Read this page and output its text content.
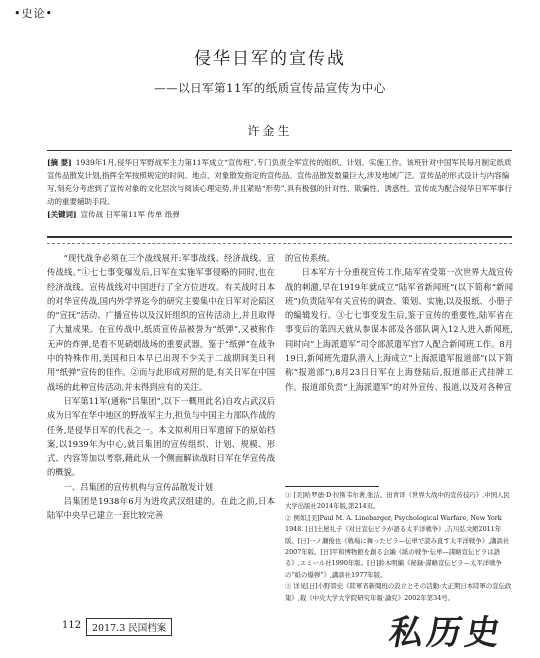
•史论•
侵华日军的宣传战
——以日军第11军的纸质宣传品宣传为中心
许金生

[摘 要] 1939年1月,侵华日军野战军主力第11军成立“宣传班”,专门负责全军宣传的组织、计划、实施工作。该班针对中国军民每月制定纸质宣传品散发计划,指挥全军按照规定的时间、地点、对象散发指定的宣传品。宣传品散发数量巨大,涉及地域广泛。宣传品的形式设计与内容编写,刻充分考虑到了宣传对象的文化层次与阅读心理定势,并且紧贴“形势”,具有极强的针对性、欺骗性、诱惑性。宣传成为配合侵华日军军事行动的重要辅助手段。

[关键词] 宣传战 日军第11军 传单 纸弹

“现代战争必须在三个战线展开:军事战线、经济战线、宣传战线。”①七七事变爆发后,日军在实施军事侵略的同时,也在经济战线、宣传战线对中国进行了全方位进攻。有关战时日本的对华宣传战,国内外学界迄今的研究主要集中在日军对沦陷区的“宣抚”活动、广播宣传以及汉奸组织的宣传活动上,并且取得了大量成果。在宣传战中,纸质宣传品被誉为“纸弹”,又被称作无声的炸弹,是看不见硝烟战场的重要武器。鉴于“纸弹”在战争中的特殊作用,美国和日本早已出现不少关于二战期间美日利用“纸弹”宣传的佳作。②而与此形成对照的是,有关日军在中国战场的此种宣传活动,并未得到应有的关注。

日军第11军(通称“吕集团”,以下一概用此名)自攻占武汉后成为日军在华中地区的野战军主力,担负与中国主力部队作战的任务,是侵华日军的代表之一。本文拟利用日军遗留下的原始档案,以1939年为中心,就吕集团的宣传组织、计划、规模、形式、内容等加以考察,藉此从一个侧面解读战时日军在华宣传战的概貌。

一、吕集团的宣传机构与宣传品散发计划

吕集团是1938年6月为进攻武汉组建的。在此之前,日本陆军中央早已建立一套比较完善

的宣传系统。

日本军方十分重视宣传工作,陆军省受第一次世界大战宣传战的刺激,早在1919年就成立“陆军省新闻班”(以下简称“新闻班”)负责陆军有关宣传的调查、策划、实施,以及报纸、小册子的编辑发行。③七七事变发生后,鉴于宣传的重要性,陆军省在事变后的第四天就从参谋本部及各部队调入12人进入新闻班,同时向“上海派遣军”司令部派遣军官7人配合新闻班工作。8月19日,新闻班先遣队潜入上海成立“上海派遣军报道部”(以下简称“报道部”),8月23日日军在上海登陆后,报道部正式挂牌工作。报道部负责“上海派遣军”的对外宣传、报道,以及对各种宣

① [美]哈罗德·D·拉斯韦尔著,张洁、田青译《世界大战中的宣传技巧》,中国人民大学出版社2014年版,第214页。

② 例如,[美]Paul M. A. Linebarger, Psychological Warfare, New York 1948. [日]土屋礼子《对日宣伝ビラが語る太平洋戦争》,吉川弘文館2011年版。[日]一ノ瀬俊也《戦場に舞ったビラ—伝単で読み直す太平洋戦争》,講談社2007年版。[日]平和博物館を創る会編《紙の戦争·伝単—謀略宣伝ビラは語る》,エミール社1990年版。[日]鈴木明編《秘録·謀略宣伝ビラ—太平洋戦争の“紙の爆弾”》,講談社1977年版。

③ 详见[日]小野晋史《陸軍省新聞班の設立とその活動:大正期日本陸軍の宣伝政策》,载《中央大学大学院研究年報·論究》2002年第34号。

112	2017.3 民国档案	私历史
